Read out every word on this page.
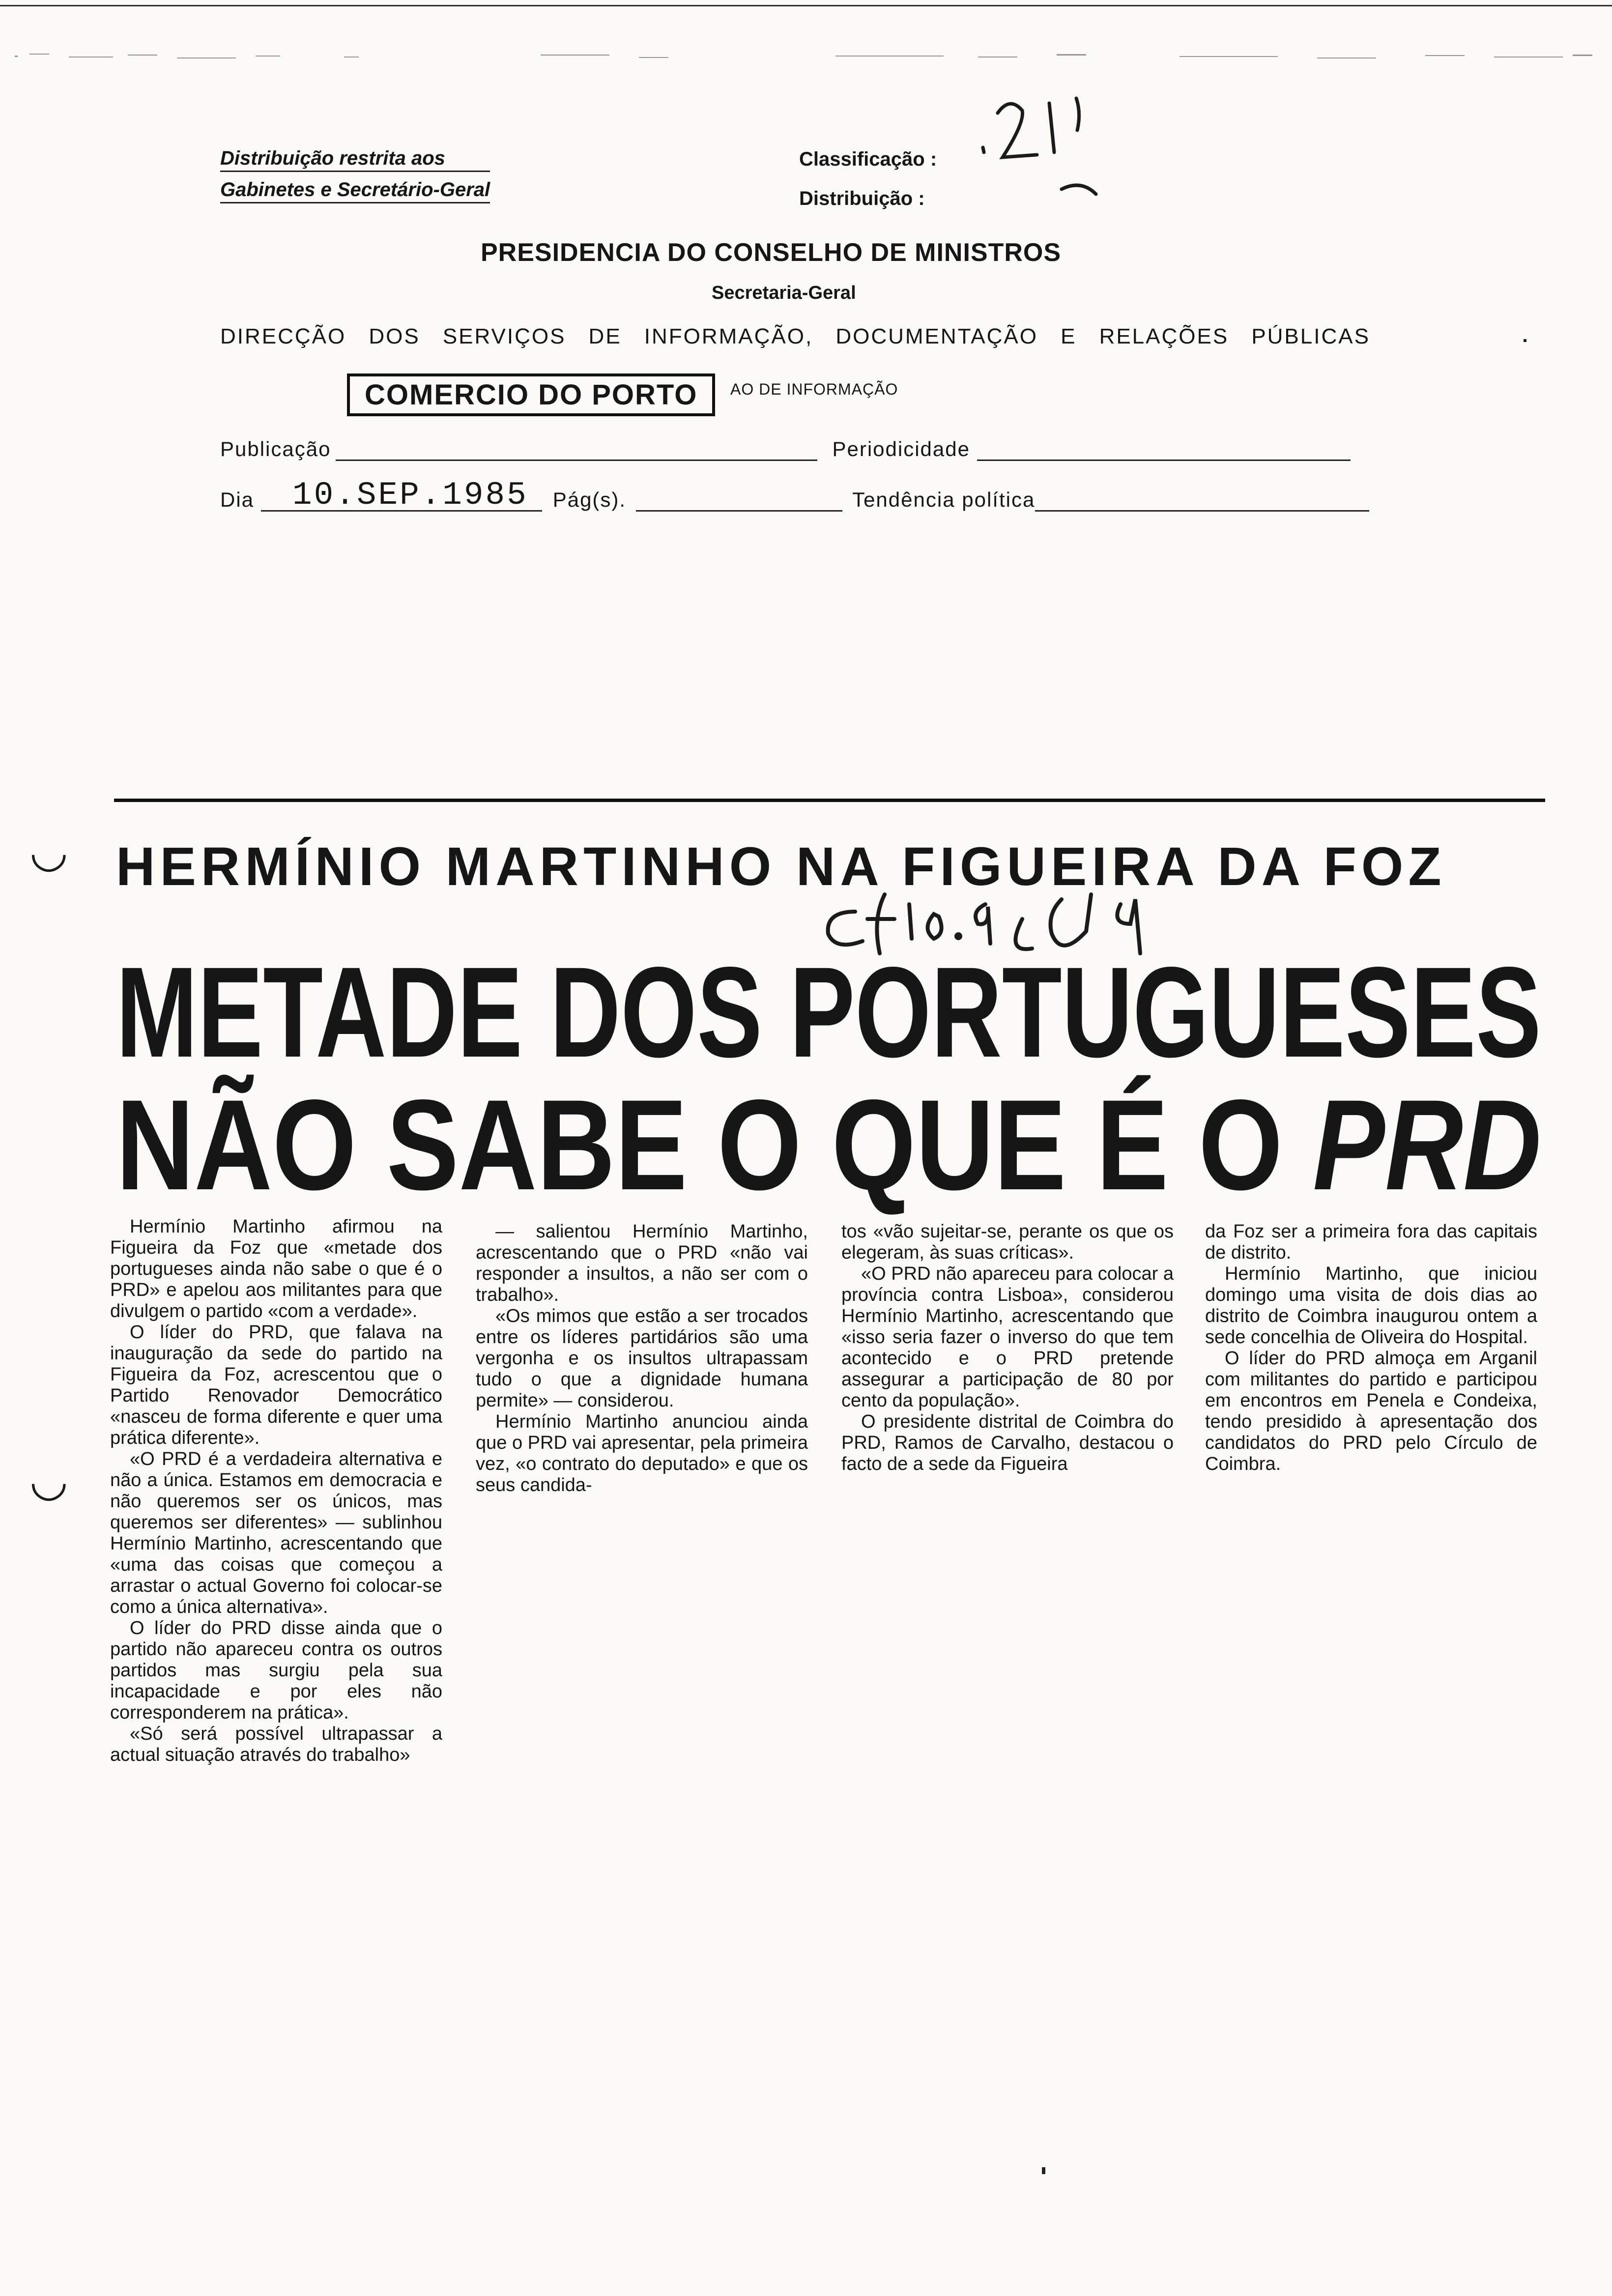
Distribuição restrita aos
Gabinetes e Secretário-Geral
Classificação :
Distribuição :
PRESIDENCIA DO CONSELHO DE MINISTROS
Secretaria-Geral
DIRECÇÃO DOS SERVIÇOS DE INFORMAÇÃO, DOCUMENTAÇÃO E RELAÇÕES PÚBLICAS
AO DE INFORMAÇÃO
COMERCIO DO PORTO
Publicação	Periodicidade
Dia 10.SEP.1985	Pág(s).	Tendência política
◡
◡
HERMÍNIO MARTINHO NA FIGUEIRA DA FOZ
METADE DOS PORTUGUESES
NÃO SABE O QUE É O PRD

Hermínio Martinho afirmou na Figueira da Foz que «metade dos portugueses ainda não sabe o que é o PRD» e apelou aos militantes para que divulgem o partido «com a verdade».

O líder do PRD, que falava na inauguração da sede do partido na Figueira da Foz, acrescentou que o Partido Renovador Democrático «nasceu de forma diferente e quer uma prática diferente».

«O PRD é a verdadeira alternativa e não a única. Estamos em democracia e não queremos ser os únicos, mas queremos ser diferentes» — sublinhou Hermínio Martinho, acrescentando que «uma das coisas que começou a arrastar o actual Governo foi colocar-se como a única alternativa».

O líder do PRD disse ainda que o partido não apareceu contra os outros partidos mas surgiu pela sua incapacidade e por eles não corresponderem na prática».

«Só será possível ultrapassar a actual situação através do trabalho»

— salientou Hermínio Martinho, acrescentando que o PRD «não vai responder a insultos, a não ser com o trabalho».

«Os mimos que estão a ser trocados entre os líderes partidários são uma vergonha e os insultos ultrapassam tudo o que a dignidade humana permite» — considerou.

Hermínio Martinho anunciou ainda que o PRD vai apresentar, pela primeira vez, «o contrato do deputado» e que os seus candida-

tos «vão sujeitar-se, perante os que os elegeram, às suas críticas».

«O PRD não apareceu para colocar a província contra Lisboa», considerou Hermínio Martinho, acrescentando que «isso seria fazer o inverso do que tem acontecido e o PRD pretende assegurar a participação de 80 por cento da população».

O presidente distrital de Coimbra do PRD, Ramos de Carvalho, destacou o facto de a sede da Figueira

da Foz ser a primeira fora das capitais de distrito.

Hermínio Martinho, que iniciou domingo uma visita de dois dias ao distrito de Coimbra inaugurou ontem a sede concelhia de Oliveira do Hospital.

O líder do PRD almoça em Arganil com militantes do partido e participou em encontros em Penela e Condeixa, tendo presidido à apresentação dos candidatos do PRD pelo Círculo de Coimbra.
